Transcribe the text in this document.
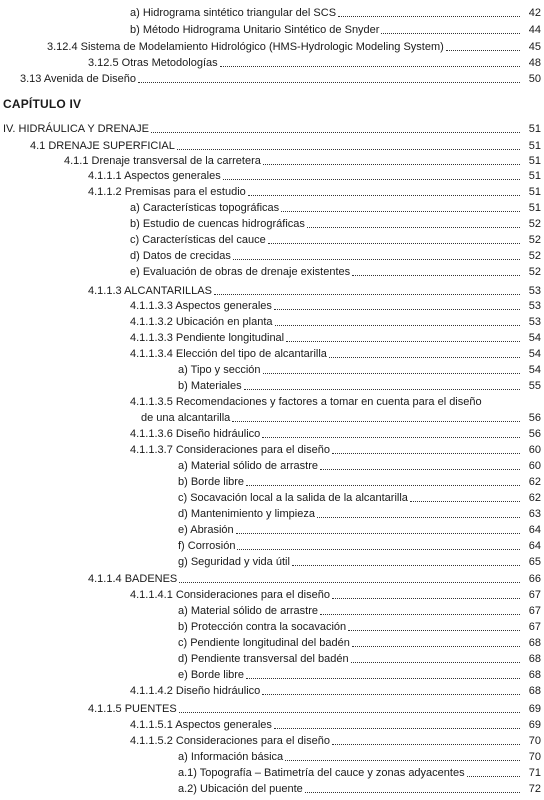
CAPÍTULO IV
a) Hidrograma sintético triangular del SCS	42
b) Método Hidrograma Unitario Sintético de Snyder	44
3.12.4 Sistema de Modelamiento Hidrológico (HMS-Hydrologic Modeling System)	45
3.12.5 Otras Metodologías	48
3.13 Avenida de Diseño	50
IV. HIDRÁULICA Y DRENAJE	51
4.1 DRENAJE SUPERFICIAL	51
4.1.1 Drenaje transversal de la carretera	51
4.1.1.1 Aspectos generales	51
4.1.1.2 Premisas para el estudio	51
a) Características topográficas	51
b) Estudio de cuencas hidrográficas	52
c) Características del cauce	52
d) Datos de crecidas	52
e) Evaluación de obras de drenaje existentes	52
4.1.1.3 ALCANTARILLAS	53
4.1.1.3.3 Aspectos generales	53
4.1.1.3.2 Ubicación en planta	53
4.1.1.3.3 Pendiente longitudinal	54
4.1.1.3.4 Elección del tipo de alcantarilla	54
a) Tipo y sección	54
b) Materiales	55
4.1.1.3.5 Recomendaciones y factores a tomar en cuenta para el diseño
de una alcantarilla	56
4.1.1.3.6 Diseño hidráulico	56
4.1.1.3.7 Consideraciones para el diseño	60
a) Material sólido de arrastre	60
b) Borde libre	62
c) Socavación local a la salida de la alcantarilla	62
d) Mantenimiento y limpieza	63
e) Abrasión	64
f) Corrosión	64
g) Seguridad y vida útil	65
4.1.1.4 BADENES	66
4.1.1.4.1 Consideraciones para el diseño	67
a) Material sólido de arrastre	67
b) Protección contra la socavación	67
c) Pendiente longitudinal del badén	68
d) Pendiente transversal del badén	68
e) Borde libre	68
4.1.1.4.2 Diseño hidráulico	68
4.1.1.5 PUENTES	69
4.1.1.5.1 Aspectos generales	69
4.1.1.5.2 Consideraciones para el diseño	70
a) Información básica	70
a.1) Topografía – Batimetría del cauce y zonas adyacentes	71
a.2) Ubicación del puente	72
